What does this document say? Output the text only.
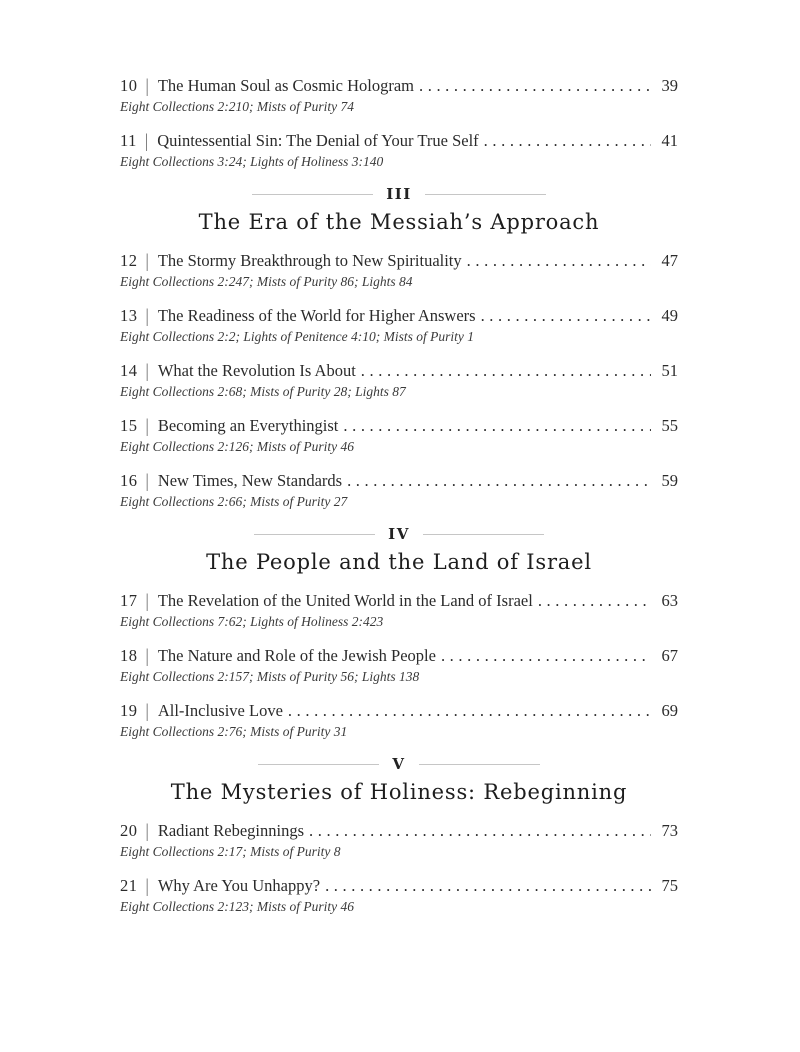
10 | The Human Soul as Cosmic Hologram .....	39
Eight Collections 2:210; Mists of Purity 74
11 | Quintessential Sin: The Denial of Your True Self .....	41
Eight Collections 3:24; Lights of Holiness 3:140
III
The Era of the Messiah’s Approach
12 | The Stormy Breakthrough to New Spirituality .....	47
Eight Collections 2:247; Mists of Purity 86; Lights 84
13 | The Readiness of the World for Higher Answers .....	49
Eight Collections 2:2; Lights of Penitence 4:10; Mists of Purity 1
14 | What the Revolution Is About .....	51
Eight Collections 2:68; Mists of Purity 28; Lights 87
15 | Becoming an Everythingist .....	55
Eight Collections 2:126; Mists of Purity 46
16 | New Times, New Standards .....	59
Eight Collections 2:66; Mists of Purity 27
IV
The People and the Land of Israel
17 | The Revelation of the United World in the Land of Israel .....	63
Eight Collections 7:62; Lights of Holiness 2:423
18 | The Nature and Role of the Jewish People .....	67
Eight Collections 2:157; Mists of Purity 56; Lights 138
19 | All-Inclusive Love .....	69
Eight Collections 2:76; Mists of Purity 31
V
The Mysteries of Holiness: Rebeginning
20 | Radiant Rebeginnings .....	73
Eight Collections 2:17; Mists of Purity 8
21 | Why Are You Unhappy? .....	75
Eight Collections 2:123; Mists of Purity 46
